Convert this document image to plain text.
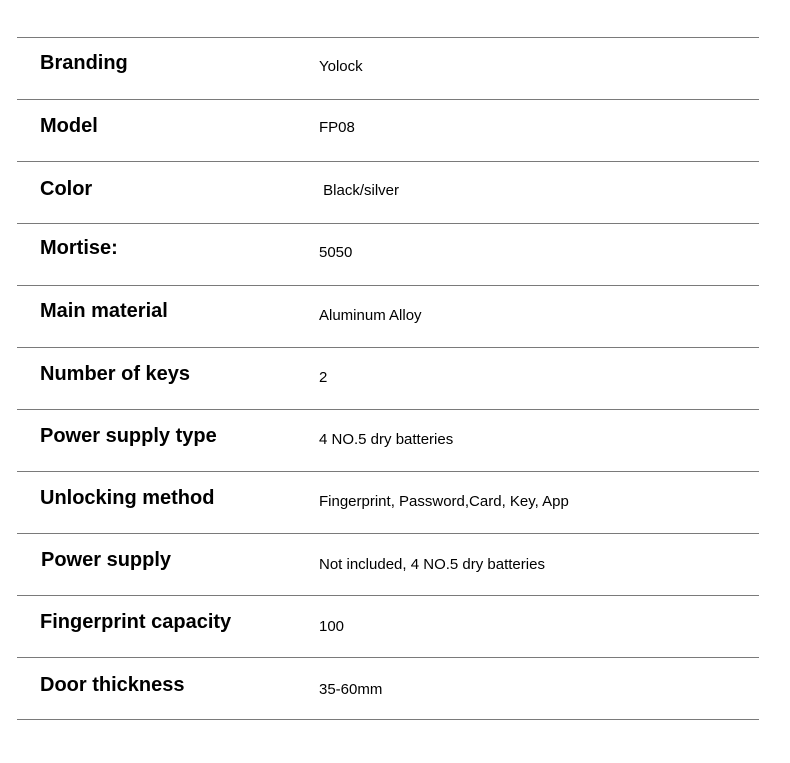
Branding	Yolock
Model	FP08
Color	Black/silver
Mortise:	5050
Main material	Aluminum Alloy
Number of keys	2
Power supply type	4 NO.5 dry batteries
Unlocking method	Fingerprint, Password,Card, Key, App
Power supply	Not included, 4 NO.5 dry batteries
Fingerprint capacity	100
Door thickness	35-60mm
